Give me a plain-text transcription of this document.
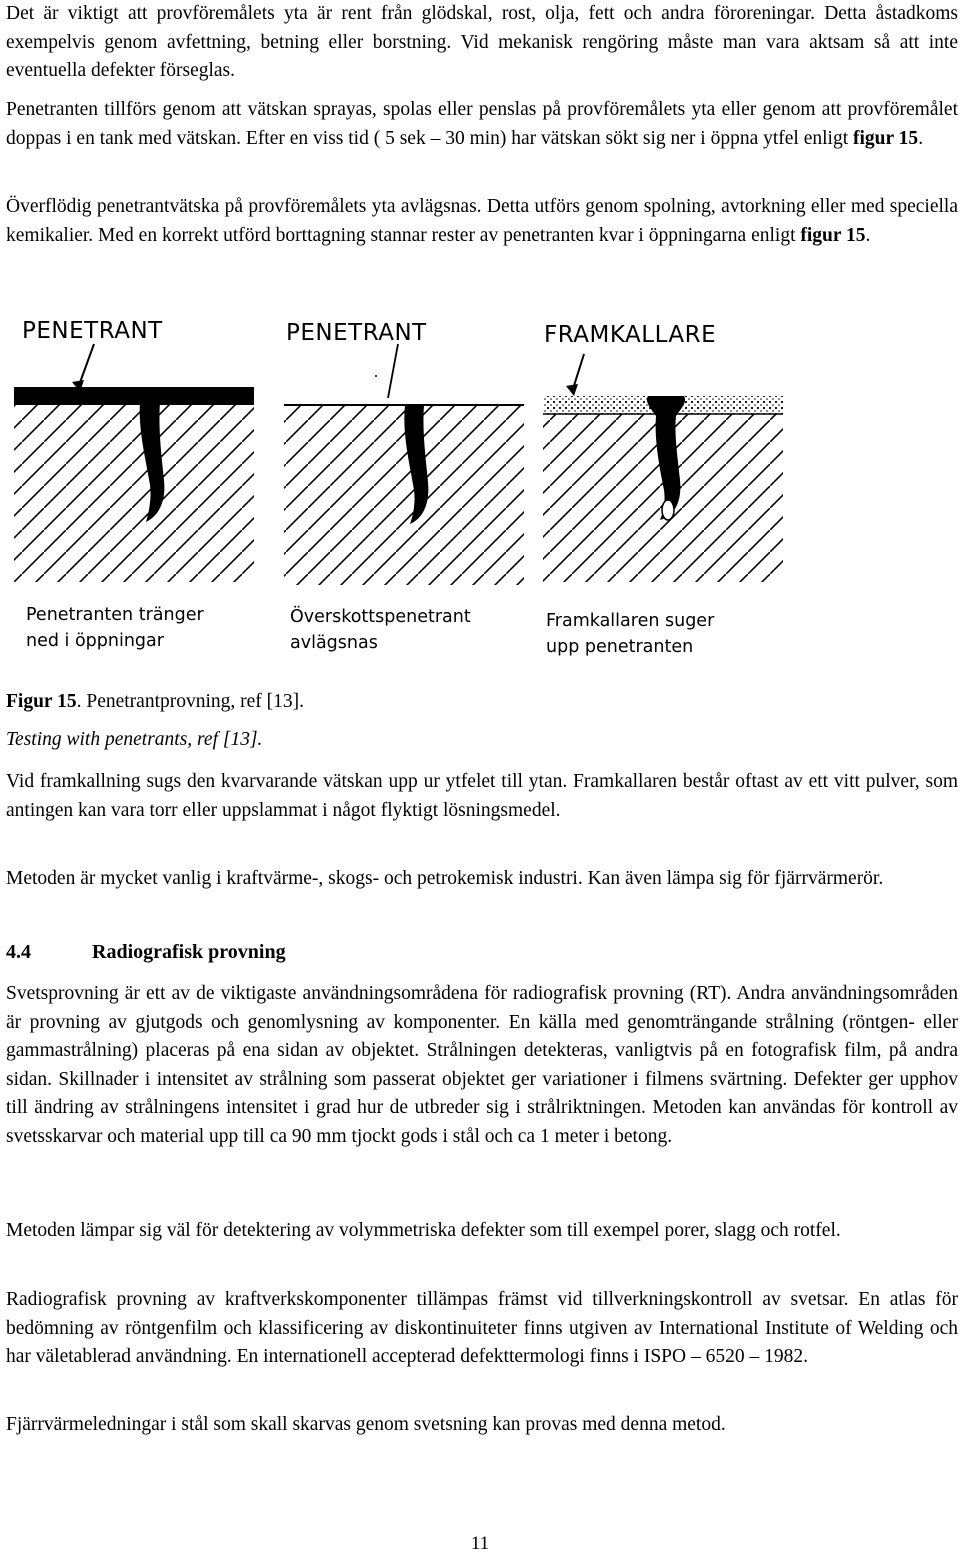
Det är viktigt att provföremålets yta är rent från glödskal, rost, olja, fett och andra föroreningar. Detta åstadkoms exempelvis genom avfettning, betning eller borstning. Vid mekanisk rengöring måste man vara aktsam så att inte eventuella defekter förseglas.

Penetranten tillförs genom att vätskan sprayas, spolas eller penslas på provföremålets yta eller genom att provföremålet doppas i en tank med vätskan. Efter en viss tid ( 5 sek – 30 min) har vätskan sökt sig ner i öppna ytfel enligt figur 15.

Överflödig penetrantvätska på provföremålets yta avlägsnas. Detta utförs genom spolning, avtorkning eller med speciella kemikalier. Med en korrekt utförd borttagning stannar rester av penetranten kvar i öppningarna enligt figur 15.

PENETRANT	PENETRANT	FRAMKALLARE
Penetranten tränger
ned i öppningar
Överskottspenetrant
avlägsnas
Framkallaren suger
upp penetranten

Figur 15. Penetrantprovning, ref [13].

Testing with penetrants, ref [13].

Vid framkallning sugs den kvarvarande vätskan upp ur ytfelet till ytan. Framkallaren består oftast av ett vitt pulver, som antingen kan vara torr eller uppslammat i något flyktigt lösningsmedel.

Metoden är mycket vanlig i kraftvärme-, skogs- och petrokemisk industri. Kan även lämpa sig för fjärrvärmerör.

4.4	Radiografisk provning

Svetsprovning är ett av de viktigaste användningsområdena för radiografisk provning (RT). Andra användningsområden är provning av gjutgods och genomlysning av komponenter. En källa med genomträngande strålning (röntgen- eller gammastrålning) placeras på ena sidan av objektet. Strålningen detekteras, vanligtvis på en fotografisk film, på andra sidan. Skillnader i intensitet av strålning som passerat objektet ger variationer i filmens svärtning. Defekter ger upphov till ändring av strålningens intensitet i grad hur de utbreder sig i strålriktningen. Metoden kan användas för kontroll av svetsskarvar och material upp till ca 90 mm tjockt gods i stål och ca 1 meter i betong.

Metoden lämpar sig väl för detektering av volymmetriska defekter som till exempel porer, slagg och rotfel.

Radiografisk provning av kraftverkskomponenter tillämpas främst vid tillverkningskontroll av svetsar. En atlas för bedömning av röntgenfilm och klassificering av diskontinuiteter finns utgiven av International Institute of Welding och har väletablerad användning. En internationell accepterad defekttermologi finns i ISPO – 6520 – 1982.

Fjärrvärmeledningar i stål som skall skarvas genom svetsning kan provas med denna metod.

11
